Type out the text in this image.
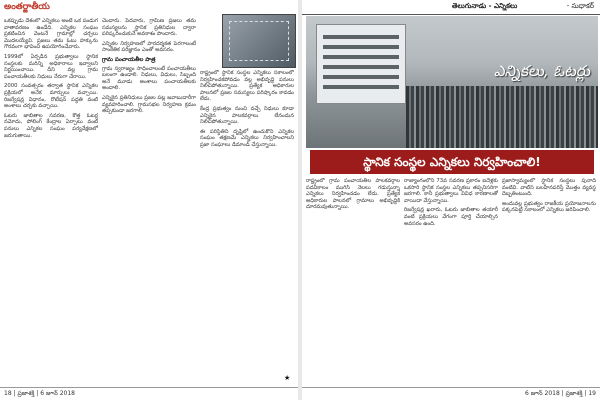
అంతర్జాతీయ

ఒకప్పుడు దేశంలో ఎన్నికలు అంటే ఒక పండుగ వాతావరణం ఉండేది. ఎన్నికల సంఘం ప్రకటించిన వెంటనే గ్రామాల్లో చర్చలు మొదలయ్యేవి. ప్రజలు తమ ఓటు హక్కును గౌరవంగా భావించి ఉపయోగించేవారు.

1999లో ఏర్పడిన ప్రభుత్వాలు స్థానిక సంస్థలకు మరిన్ని అధికారాలు ఇవ్వాలని నిర్ణయించాయి. దీని వల్ల గ్రామ పంచాయతీలకు నిధులు నేరుగా చేరాయి.

2000 సంవత్సరం తర్వాత స్థానిక ఎన్నికల ప్రక్రియలో అనేక మార్పులు వచ్చాయి. రిజర్వేషన్ల విధానం, రొటేషన్ పద్ధతి వంటి అంశాలు చర్చకు వచ్చాయి.

ఓటరు జాబితాల సవరణ, కొత్త ఓటర్ల నమోదు, పోలింగ్ కేంద్రాల ఏర్పాటు వంటి పనులు ఎన్నికల సంఘం పర్యవేక్షణలో జరుగుతాయి.

చెందారు. పేదవారు, గ్రామీణ ప్రజలు తమ సమస్యలను స్థానిక ప్రతినిధుల ద్వారా పరిష్కరించుకునే అవకాశం పొందారు.

ఎన్నికల నిర్వహణలో పారదర్శకత పెరగాలంటే సాంకేతిక పరిజ్ఞానం ఎంతో అవసరం.

గ్రామ పంచాయతీల పాత్ర

గ్రామ స్వరాజ్యం సాధించాలంటే పంచాయతీలు బలంగా ఉండాలి. నిధులు, విధులు, సిబ్బంది అనే మూడు అంశాలు పంచాయతీలకు అందాలి.

ఎన్నికైన ప్రతినిధులు ప్రజల పట్ల జవాబుదారీగా వ్యవహరించాలి. గ్రామసభల నిర్వహణ క్రమం తప్పకుండా జరగాలి.

రాష్ట్రంలో స్థానిక సంస్థల ఎన్నికలు సకాలంలో నిర్వహించకపోవడం వల్ల అభివృద్ధి పనులు నిలిచిపోతున్నాయి. ప్రత్యేక అధికారుల పాలనలో ప్రజల సమస్యలు పరిష్కారం కావడం లేదు.

కేంద్ర ప్రభుత్వం నుంచి వచ్చే నిధులు కూడా ఎన్నికైన పాలకవర్గాలు లేనందున నిలిచిపోతున్నాయి.

ఈ పరిస్థితిని దృష్టిలో ఉంచుకొని ఎన్నికల సంఘం తక్షణమే ఎన్నికలు నిర్వహించాలని ప్రజా సంఘాలు డిమాండ్ చేస్తున్నాయి.

★
18 | ప్రజాశక్తి | 6 జూన్ 2018
తెలుగునాడు - ఎన్నికలు	- సుధాకర్
ఎన్నికలు, ఓటర్లు
స్థానిక సంస్థల ఎన్నికలు నిర్వహించాలి!

రాష్ట్రంలో గ్రామ పంచాయతీల పాలకవర్గాల పదవీకాలం ముగిసి నెలలు గడుస్తున్నా ఎన్నికలు నిర్వహించడం లేదు. ప్రత్యేక అధికారుల పాలనలో గ్రామాలు అభివృద్ధికి దూరమవుతున్నాయి.

రాజ్యాంగంలోని 73వ సవరణ ప్రకారం ఐదేళ్లకు ఒకసారి స్థానిక సంస్థల ఎన్నికలు తప్పనిసరిగా జరగాలి. కానీ ప్రభుత్వాలు వివిధ కారణాలతో వాయిదా వేస్తున్నాయి.

రిజర్వేషన్ల ఖరారు, ఓటరు జాబితాల తయారీ వంటి ప్రక్రియలు వేగంగా పూర్తి చేయాల్సిన అవసరం ఉంది.

ప్రజాస్వామ్యంలో స్థానిక సంస్థలు పునాది వంటివి. వాటిని బలహీనపరిస్తే మొత్తం వ్యవస్థ దెబ్బతింటుంది.

అందువల్ల ప్రభుత్వం రాజకీయ ప్రయోజనాలను పక్కనపెట్టి సకాలంలో ఎన్నికలు జరిపించాలి.

6 జూన్ 2018 | ప్రజాశక్తి | 19
